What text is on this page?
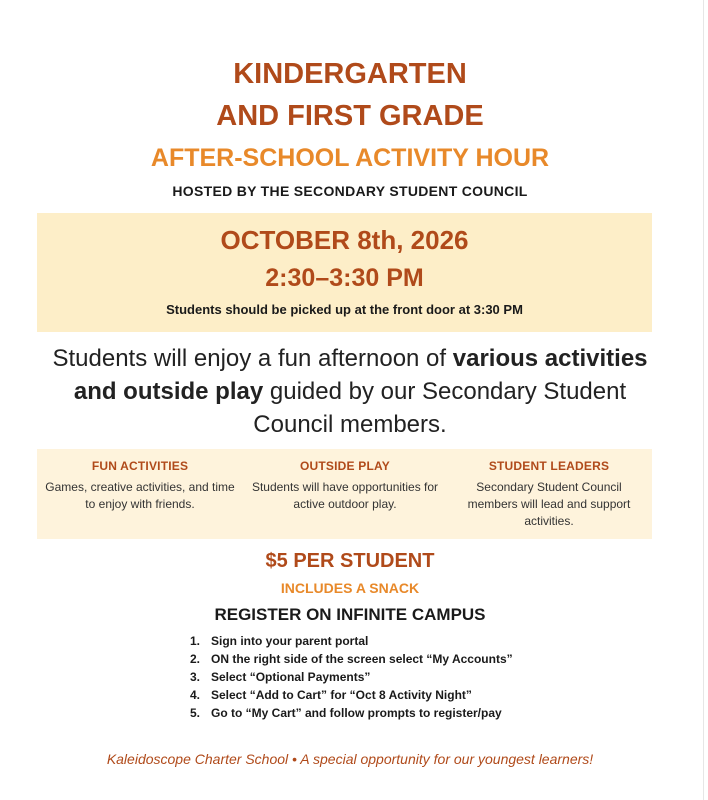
KINDERGARTEN
AND FIRST GRADE
AFTER-SCHOOL ACTIVITY HOUR
HOSTED BY THE SECONDARY STUDENT COUNCIL
OCTOBER 8th, 2026
2:30–3:30 PM
Students should be picked up at the front door at 3:30 PM
Students will enjoy a fun afternoon of various activities and outside play guided by our Secondary Student Council members.
FUN ACTIVITIES
Games, creative activities, and time to enjoy with friends.
OUTSIDE PLAY
Students will have opportunities for active outdoor play.
STUDENT LEADERS
Secondary Student Council members will lead and support activities.
$5 PER STUDENT
INCLUDES A SNACK
REGISTER ON INFINITE CAMPUS
1. Sign into your parent portal
2. ON the right side of the screen select “My Accounts”
3. Select “Optional Payments”
4. Select “Add to Cart” for “Oct 8 Activity Night”
5. Go to “My Cart” and follow prompts to register/pay
Kaleidoscope Charter School • A special opportunity for our youngest learners!
